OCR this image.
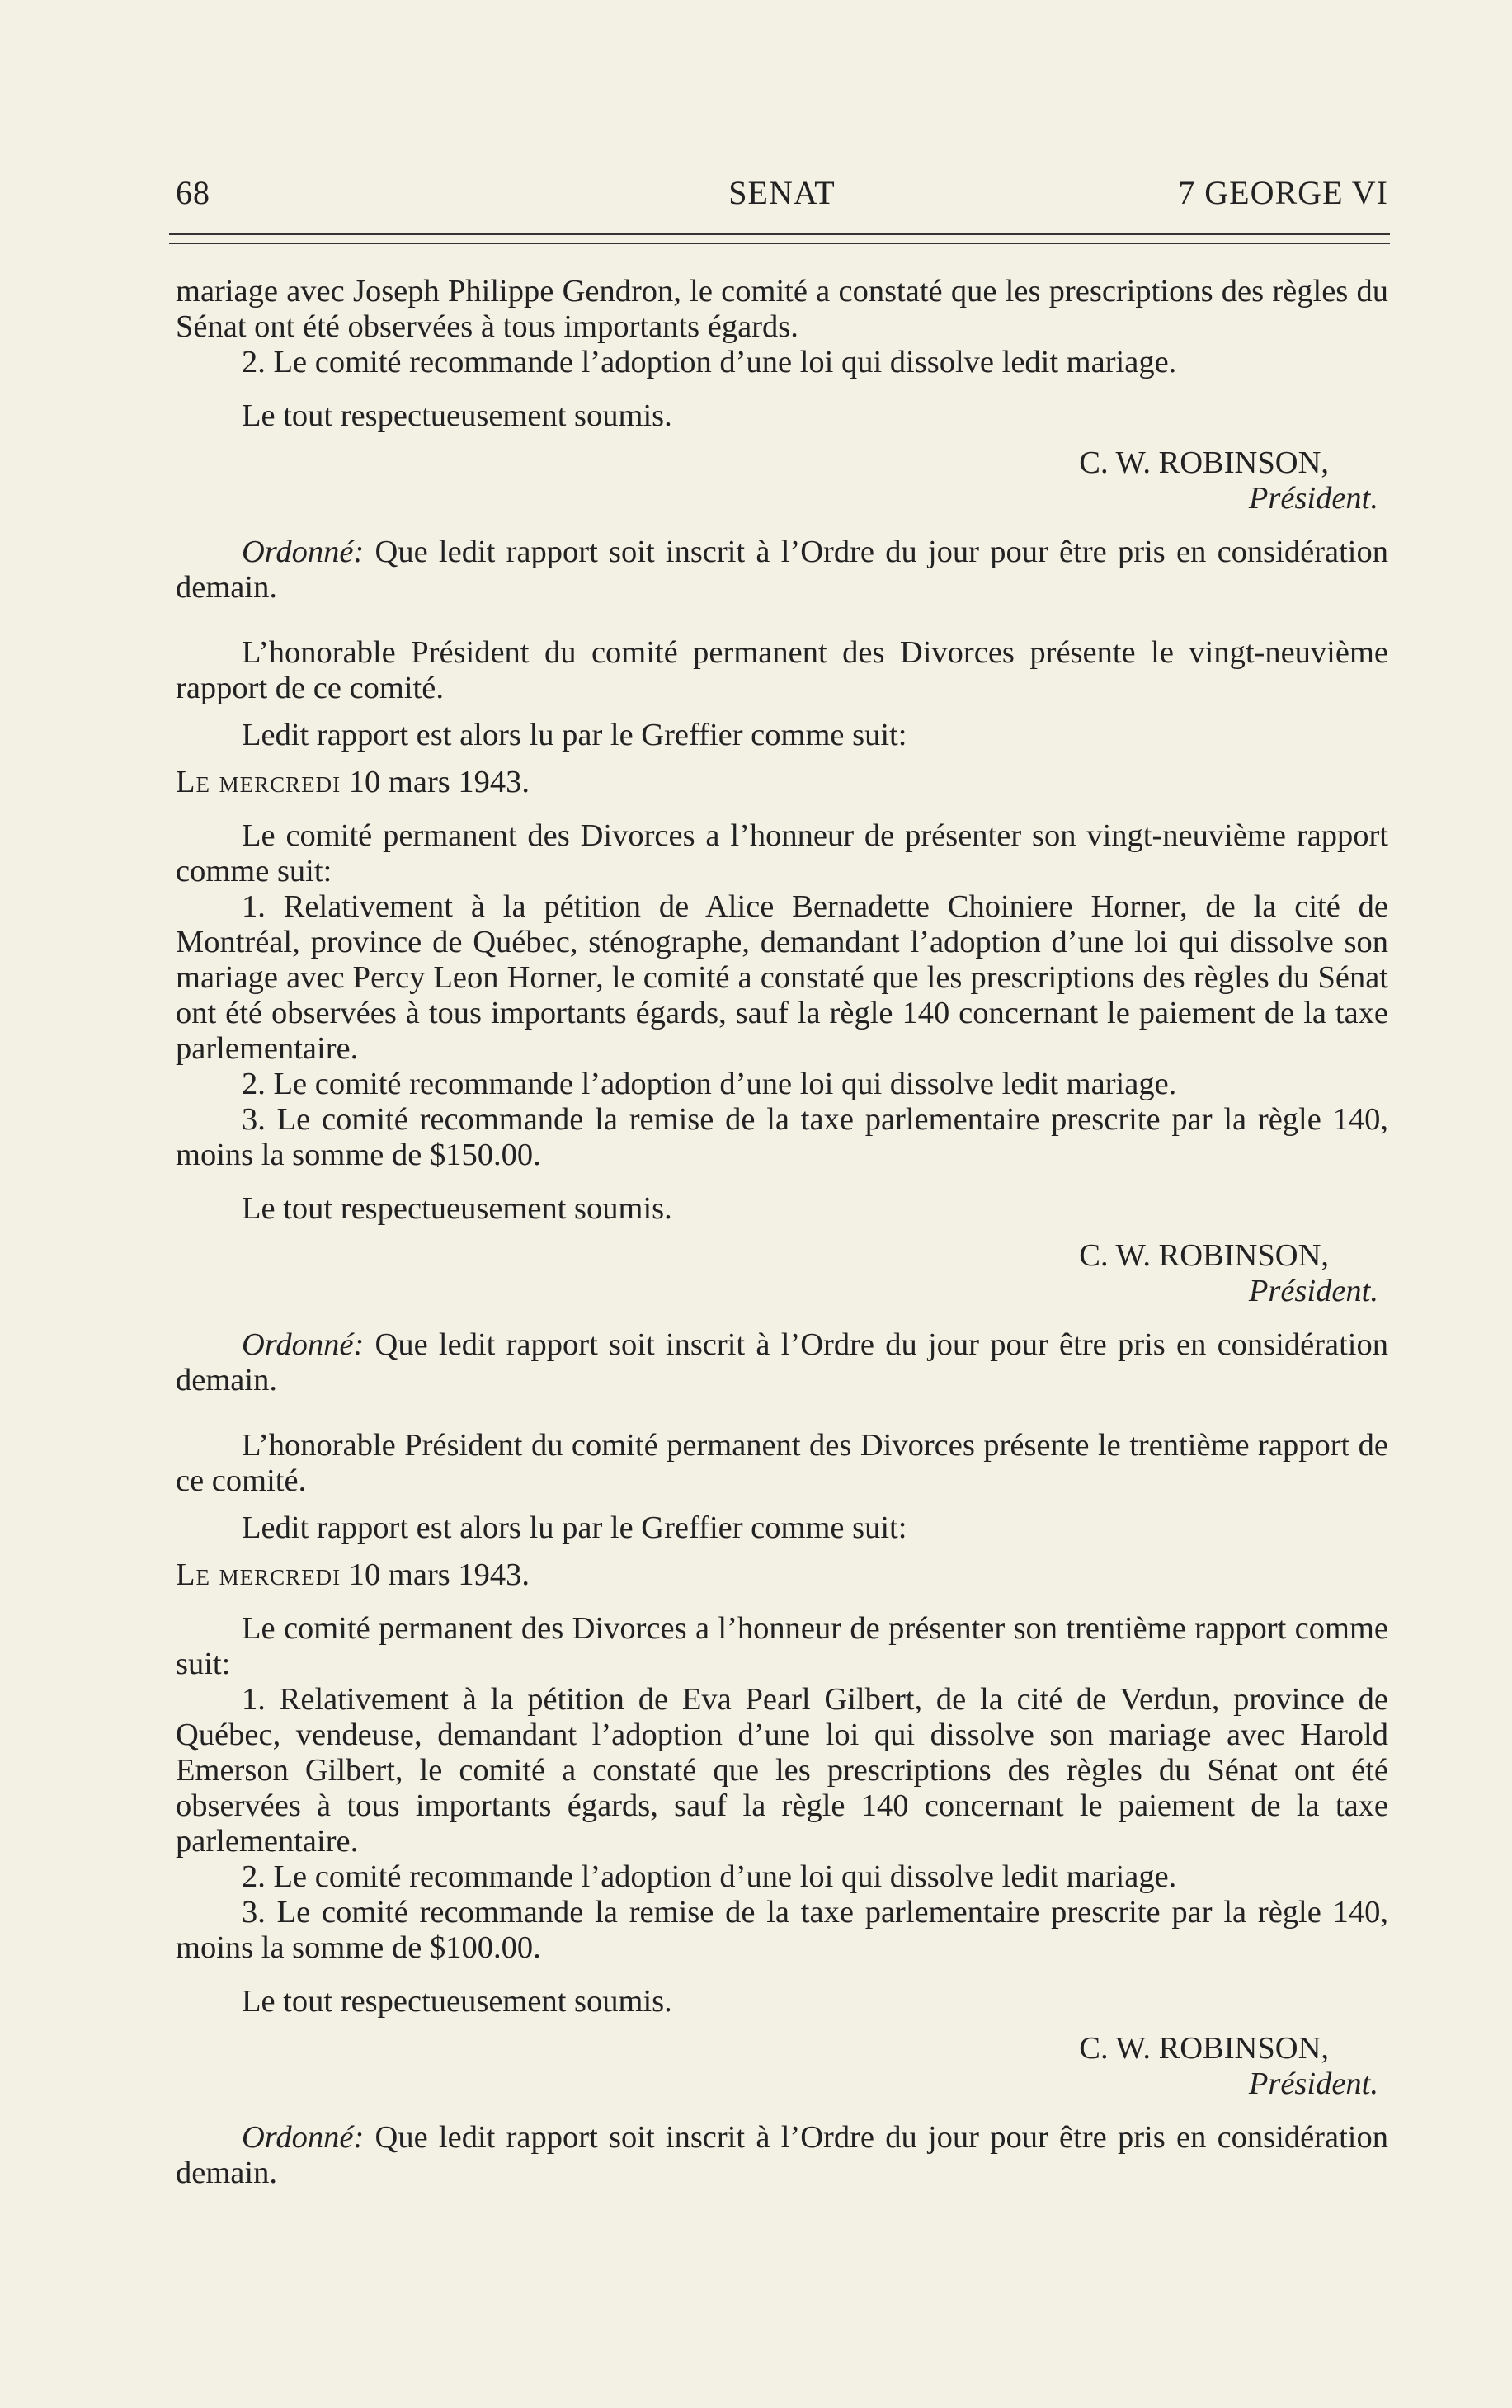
68	SENAT	7 GEORGE VI

mariage avec Joseph Philippe Gendron, le comité a constaté que les prescriptions des règles du Sénat ont été observées à tous importants égards.

2. Le comité recommande l’adoption d’une loi qui dissolve ledit mariage.

Le tout respectueusement soumis.

C. W. ROBINSON,
Président.

Ordonné: Que ledit rapport soit inscrit à l’Ordre du jour pour être pris en considération demain.

L’honorable Président du comité permanent des Divorces présente le vingt-neuvième rapport de ce comité.

Ledit rapport est alors lu par le Greffier comme suit:

Le mercredi 10 mars 1943.

Le comité permanent des Divorces a l’honneur de présenter son vingt-neuvième rapport comme suit:

1. Relativement à la pétition de Alice Bernadette Choiniere Horner, de la cité de Montréal, province de Québec, sténographe, demandant l’adoption d’une loi qui dissolve son mariage avec Percy Leon Horner, le comité a constaté que les prescriptions des règles du Sénat ont été observées à tous importants égards, sauf la règle 140 concernant le paiement de la taxe parlementaire.

2. Le comité recommande l’adoption d’une loi qui dissolve ledit mariage.

3. Le comité recommande la remise de la taxe parlementaire prescrite par la règle 140, moins la somme de $150.00.

Le tout respectueusement soumis.

C. W. ROBINSON,
Président.

Ordonné: Que ledit rapport soit inscrit à l’Ordre du jour pour être pris en considération demain.

L’honorable Président du comité permanent des Divorces présente le trentième rapport de ce comité.

Ledit rapport est alors lu par le Greffier comme suit:

Le mercredi 10 mars 1943.

Le comité permanent des Divorces a l’honneur de présenter son trentième rapport comme suit:

1. Relativement à la pétition de Eva Pearl Gilbert, de la cité de Verdun, province de Québec, vendeuse, demandant l’adoption d’une loi qui dissolve son mariage avec Harold Emerson Gilbert, le comité a constaté que les prescriptions des règles du Sénat ont été observées à tous importants égards, sauf la règle 140 concernant le paiement de la taxe parlementaire.

2. Le comité recommande l’adoption d’une loi qui dissolve ledit mariage.

3. Le comité recommande la remise de la taxe parlementaire prescrite par la règle 140, moins la somme de $100.00.

Le tout respectueusement soumis.

C. W. ROBINSON,
Président.

Ordonné: Que ledit rapport soit inscrit à l’Ordre du jour pour être pris en considération demain.
